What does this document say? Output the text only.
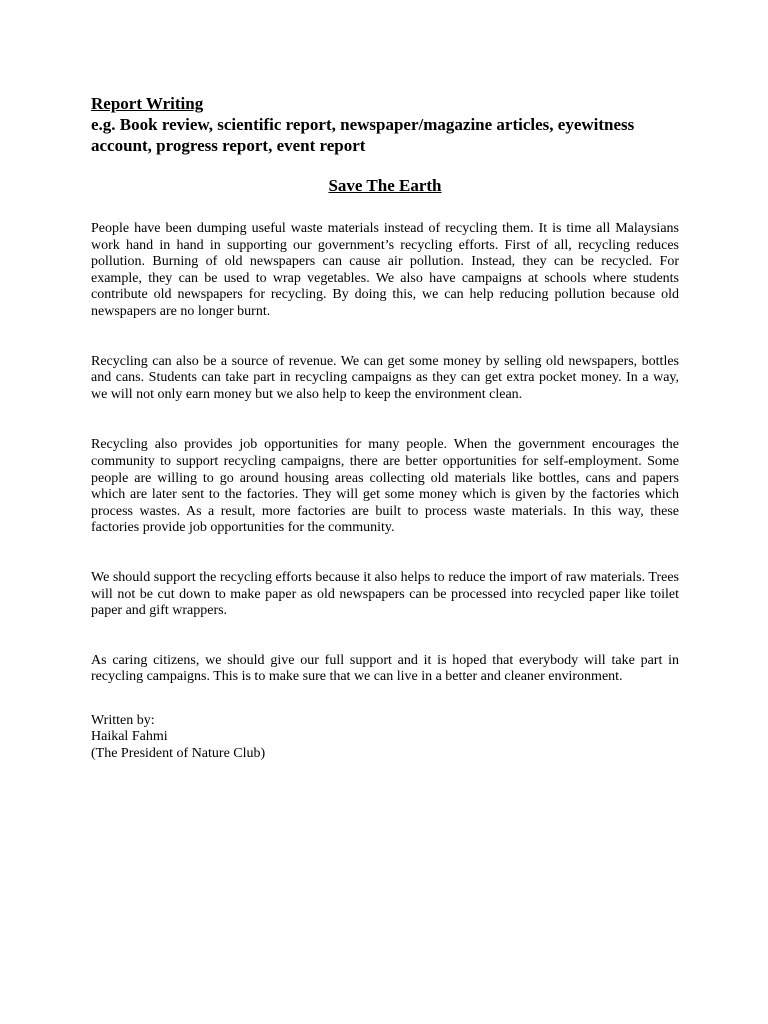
Report Writing

e.g. Book review, scientific report, newspaper/magazine articles, eyewitness

account, progress report, event report

Save The Earth

People have been dumping useful waste materials instead of recycling them. It is time all Malaysians work hand in hand in supporting our government’s recycling efforts. First of all, recycling reduces pollution. Burning of old newspapers can cause air pollution. Instead, they can be recycled. For example, they can be used to wrap vegetables. We also have campaigns at schools where students contribute old newspapers for recycling. By doing this, we can help reducing pollution because old newspapers are no longer burnt.

Recycling can also be a source of revenue. We can get some money by selling old newspapers, bottles and cans. Students can take part in recycling campaigns as they can get extra pocket money. In a way, we will not only earn money but we also help to keep the environment clean.

Recycling also provides job opportunities for many people. When the government encourages the community to support recycling campaigns, there are better opportunities for self-employment. Some people are willing to go around housing areas collecting old materials like bottles, cans and papers which are later sent to the factories. They will get some money which is given by the factories which process wastes. As a result, more factories are built to process waste materials. In this way, these factories provide job opportunities for the community.

We should support the recycling efforts because it also helps to reduce the import of raw materials. Trees will not be cut down to make paper as old newspapers can be processed into recycled paper like toilet paper and gift wrappers.

As caring citizens, we should give our full support and it is hoped that everybody will take part in recycling campaigns. This is to make sure that we can live in a better and cleaner environment.

Written by:
Haikal Fahmi
(The President of Nature Club)
